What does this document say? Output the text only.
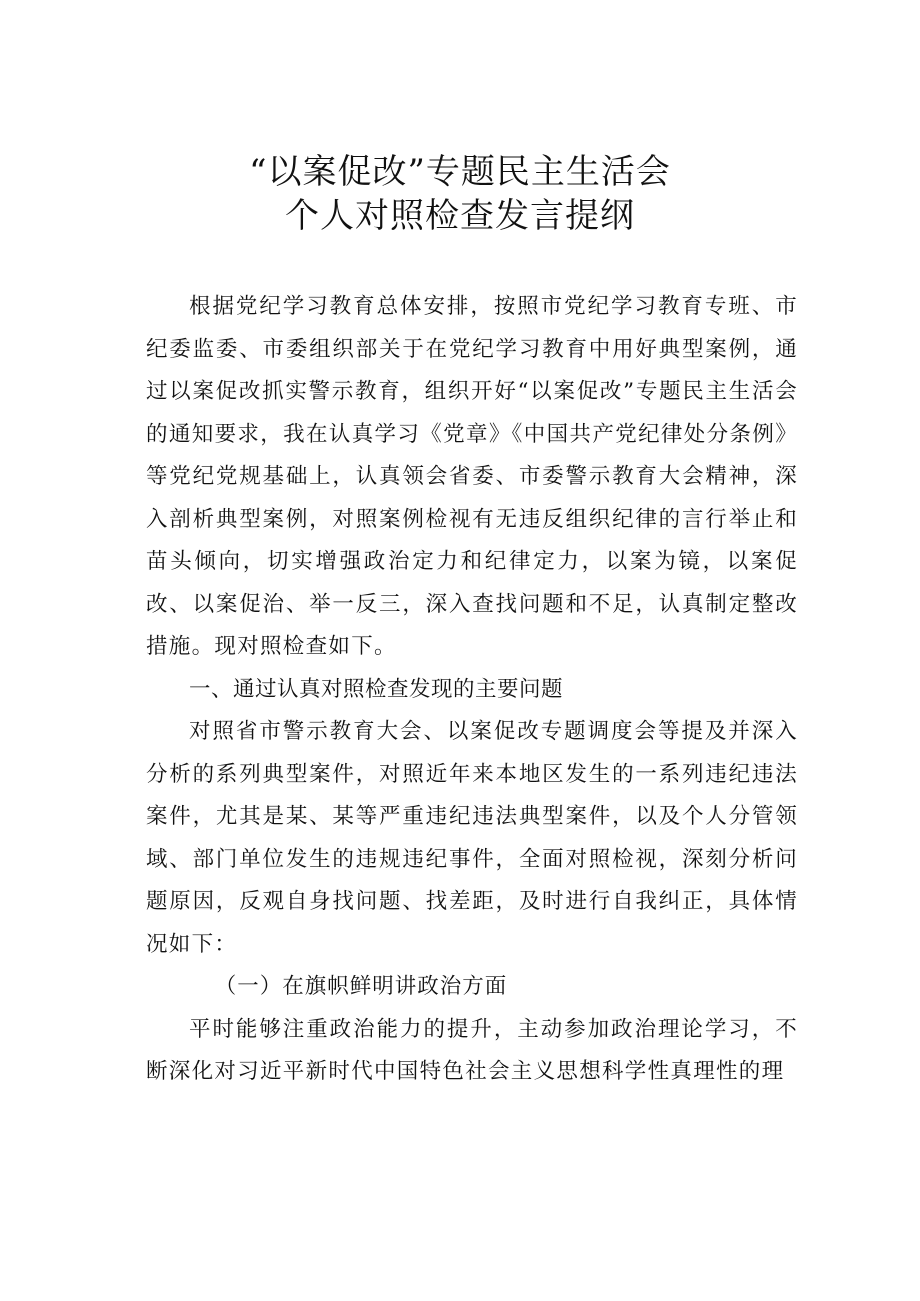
“以案促改”专题民主生活会
个人对照检查发言提纲

根据党纪学习教育总体安排，按照市党纪学习教育专班、市纪委监委、市委组织部关于在党纪学习教育中用好典型案例，通过以案促改抓实警示教育，组织开好“以案促改”专题民主生活会的通知要求，我在认真学习《党章》《中国共产党纪律处分条例》等党纪党规基础上，认真领会省委、市委警示教育大会精神，深入剖析典型案例，对照案例检视有无违反组织纪律的言行举止和苗头倾向，切实增强政治定力和纪律定力，以案为镜，以案促改、以案促治、举一反三，深入查找问题和不足，认真制定整改措施。现对照检查如下。

一、通过认真对照检查发现的主要问题

对照省市警示教育大会、以案促改专题调度会等提及并深入分析的系列典型案件，对照近年来本地区发生的一系列违纪违法案件，尤其是某、某等严重违纪违法典型案件，以及个人分管领域、部门单位发生的违规违纪事件，全面对照检视，深刻分析问题原因，反观自身找问题、找差距，及时进行自我纠正，具体情况如下：

（一）在旗帜鲜明讲政治方面

平时能够注重政治能力的提升，主动参加政治理论学习，不断深化对习近平新时代中国特色社会主义思想科学性真理性的理
